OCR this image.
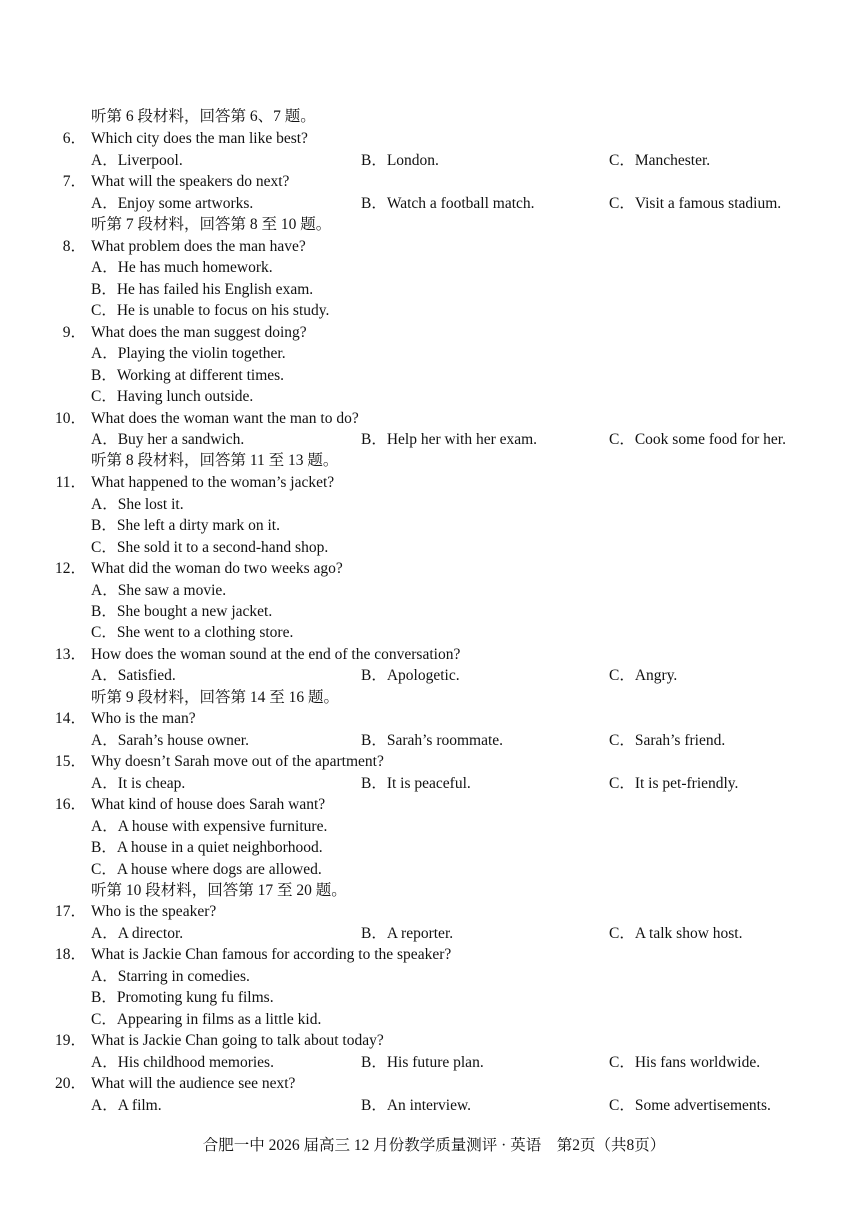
听第 6 段材料，回答第 6、7 题。
6． Which city does the man like best?
A．Liverpool.	B．London.	C．Manchester.
7． What will the speakers do next?
A．Enjoy some artworks.	B．Watch a football match.	C．Visit a famous stadium.
听第 7 段材料，回答第 8 至 10 题。
8． What problem does the man have?
A．He has much homework.
B．He has failed his English exam.
C．He is unable to focus on his study.
9． What does the man suggest doing?
A．Playing the violin together.
B．Working at different times.
C．Having lunch outside.
10． What does the woman want the man to do?
A．Buy her a sandwich.	B．Help her with her exam.	C．Cook some food for her.
听第 8 段材料，回答第 11 至 13 题。
11． What happened to the woman’s jacket?
A．She lost it.
B．She left a dirty mark on it.
C．She sold it to a second-hand shop.
12． What did the woman do two weeks ago?
A．She saw a movie.
B．She bought a new jacket.
C．She went to a clothing store.
13． How does the woman sound at the end of the conversation?
A．Satisfied.	B．Apologetic.	C．Angry.
听第 9 段材料，回答第 14 至 16 题。
14． Who is the man?
A．Sarah’s house owner.	B．Sarah’s roommate.	C．Sarah’s friend.
15． Why doesn’t Sarah move out of the apartment?
A．It is cheap.	B．It is peaceful.	C．It is pet-friendly.
16． What kind of house does Sarah want?
A．A house with expensive furniture.
B．A house in a quiet neighborhood.
C．A house where dogs are allowed.
听第 10 段材料，回答第 17 至 20 题。
17． Who is the speaker?
A．A director.	B．A reporter.	C．A talk show host.
18． What is Jackie Chan famous for according to the speaker?
A．Starring in comedies.
B．Promoting kung fu films.
C．Appearing in films as a little kid.
19． What is Jackie Chan going to talk about today?
A．His childhood memories.	B．His future plan.	C．His fans worldwide.
20． What will the audience see next?
A．A film.	B．An interview.	C．Some advertisements.
合肥一中 2026 届高三 12 月份教学质量测评 · 英语　第2页（共8页）
